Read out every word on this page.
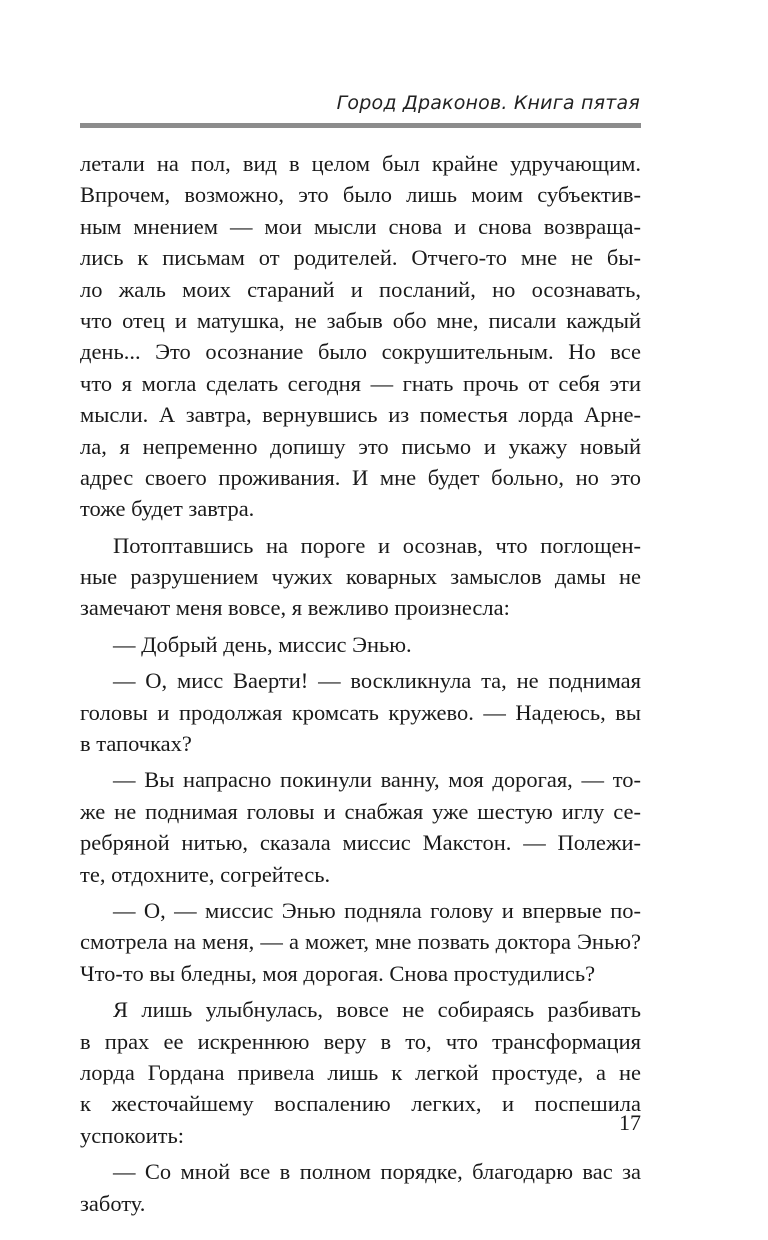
Город Драконов. Книга пятая
летали на пол, вид в целом был крайне удручающим.
Впрочем, возможно, это было лишь моим субъектив-
ным мнением — мои мысли снова и снова возвраща-
лись к письмам от родителей. Отчего-то мне не бы-
ло жаль моих стараний и посланий, но осознавать,
что отец и матушка, не забыв обо мне, писали каждый
день... Это осознание было сокрушительным. Но все
что я могла сделать сегодня — гнать прочь от себя эти
мысли. А завтра, вернувшись из поместья лорда Арне-
ла, я непременно допишу это письмо и укажу новый
адрес своего проживания. И мне будет больно, но это
тоже будет завтра.
Потоптавшись на пороге и осознав, что поглощен-
ные разрушением чужих коварных замыслов дамы не
замечают меня вовсе, я вежливо произнесла:
— Добрый день, миссис Энью.
— О, мисс Ваерти! — воскликнула та, не поднимая
головы и продолжая кромсать кружево. — Надеюсь, вы
в тапочках?
— Вы напрасно покинули ванну, моя дорогая, — то-
же не поднимая головы и снабжая уже шестую иглу се-
ребряной нитью, сказала миссис Макстон. — Полежи-
те, отдохните, согрейтесь.
— О, — миссис Энью подняла голову и впервые по-
смотрела на меня, — а может, мне позвать доктора Энью?
Что-то вы бледны, моя дорогая. Снова простудились?
Я лишь улыбнулась, вовсе не собираясь разбивать
в прах ее искреннюю веру в то, что трансформация
лорда Гордана привела лишь к легкой простуде, а не
к жесточайшему воспалению легких, и поспешила
успокоить:
— Со мной все в полном порядке, благодарю вас за
заботу.
17
